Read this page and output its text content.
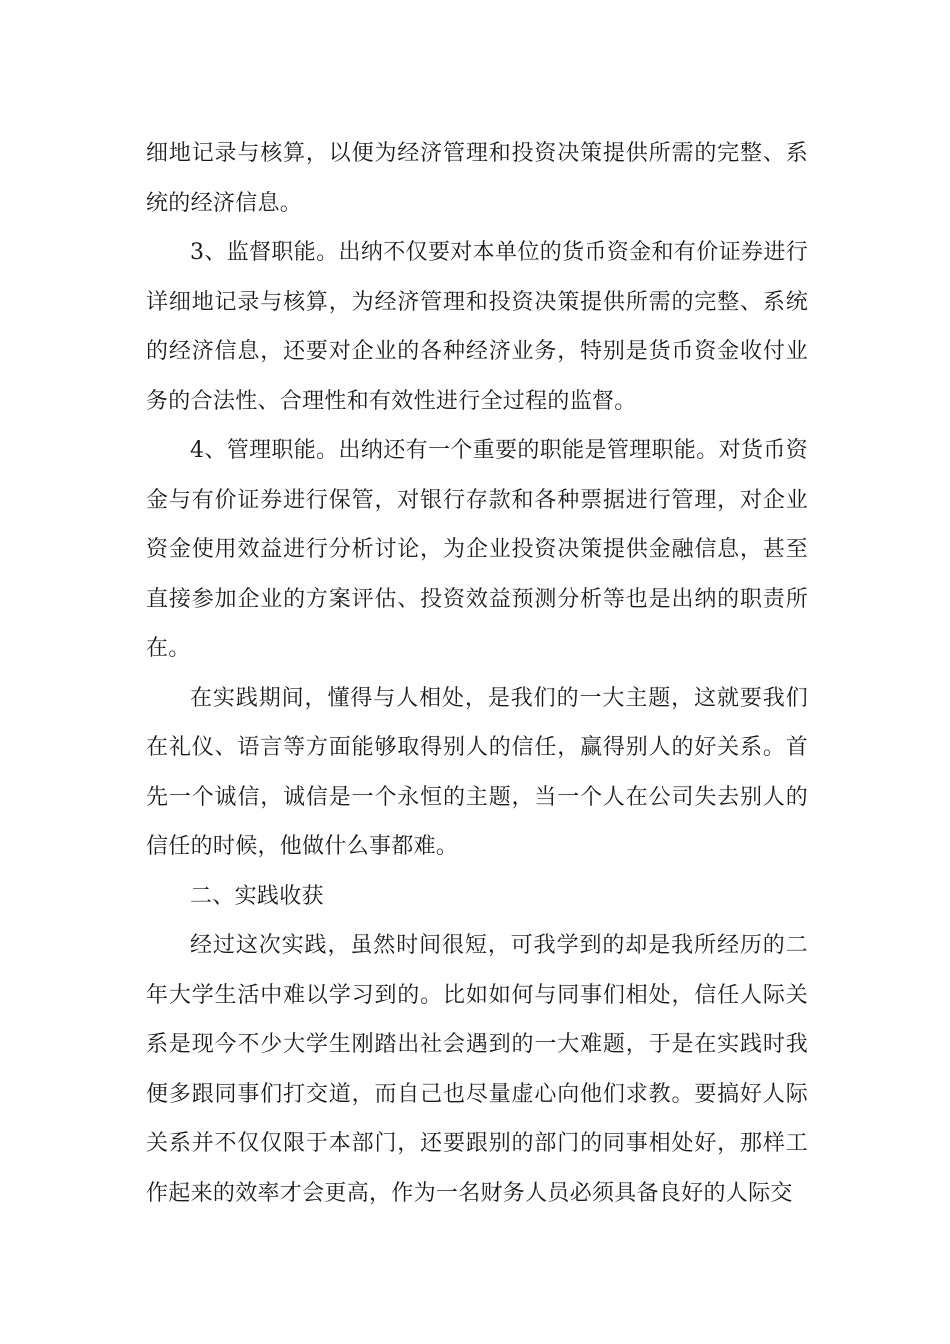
细地记录与核算，以便为经济管理和投资决策提供所需的完整、系统的经济信息。

3、监督职能。出纳不仅要对本单位的货币资金和有价证券进行详细地记录与核算，为经济管理和投资决策提供所需的完整、系统的经济信息，还要对企业的各种经济业务，特别是货币资金收付业务的合法性、合理性和有效性进行全过程的监督。

4、管理职能。出纳还有一个重要的职能是管理职能。对货币资金与有价证券进行保管，对银行存款和各种票据进行管理，对企业资金使用效益进行分析讨论，为企业投资决策提供金融信息，甚至直接参加企业的方案评估、投资效益预测分析等也是出纳的职责所在。

在实践期间，懂得与人相处，是我们的一大主题，这就要我们在礼仪、语言等方面能够取得别人的信任，赢得别人的好关系。首先一个诚信，诚信是一个永恒的主题，当一个人在公司失去别人的信任的时候，他做什么事都难。

二、实践收获

经过这次实践，虽然时间很短，可我学到的却是我所经历的二年大学生活中难以学习到的。比如如何与同事们相处，信任人际关系是现今不少大学生刚踏出社会遇到的一大难题，于是在实践时我便多跟同事们打交道，而自己也尽量虚心向他们求教。要搞好人际关系并不仅仅限于本部门，还要跟别的部门的同事相处好，那样工作起来的效率才会更高，作为一名财务人员必须具备良好的人际交
